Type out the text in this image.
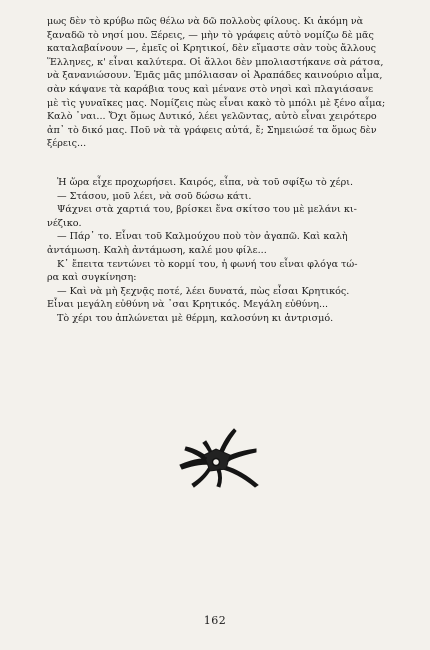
μως δὲν τὸ κρύβω πῶς θέλω νὰ δῶ πολλοὺς φίλους. Κι ἀκόμη νὰ
ξαναδῶ τὸ νησί μου. Ξέρεις, — μὴν τὸ γράφεις αὐτὸ νομίζω δὲ μᾶς
καταλαβαίνουν —, ἐμεῖς οἱ Κρητικοί, δὲν εἴμαστε σὰν τοὺς ἄλλους
Ἕλληνες, κ' εἶναι καλύτερα. Οἱ ἄλλοι δὲν μπολιαστήκανε σὰ ράτσα,
νὰ ξανανιώσουν. Ἐμᾶς μᾶς μπόλιασαν οἱ Ἀραπάδες καινούριο αἷμα,
σὰν κάψανε τὰ καράβια τους καὶ μένανε στὸ νησὶ καὶ πλαγιάσανε
μὲ τὶς γυναῖκες μας. Νομίζεις πὼς εἶναι κακὸ τὸ μπόλι μὲ ξένο αἷμα;
Καλὸ ᾽ναι... Ὄχι ὅμως Δυτικό, λέει γελῶντας, αὐτὸ εἶναι χειρότερο
ἀπ᾽ τὸ δικό μας. Ποῦ νὰ τὰ γράφεις αὐτά, ἔ; Σημειώσέ τα ὅμως δὲν
ξέρεις...
Ἡ ὥρα εἶχε προχωρήσει. Καιρός, εἶπα, νὰ τοῦ σφίξω τὸ χέρι.
— Στάσου, μοῦ λέει, νὰ σοῦ δώσω κάτι.
Ψάχνει στὰ χαρτιά του, βρίσκει ἕνα σκίτσο του μὲ μελάνι κι-
νέζικο.
— Πάρ᾽ το. Εἶναι τοῦ Καλμούχου ποὺ τὸν ἀγαπῶ. Καὶ καλὴ
ἀντάμωση. Καλὴ ἀντάμωση, καλέ μου φίλε...
Κ᾽ ἔπειτα τεντώνει τὸ κορμί του, ἡ φωνή του εἶναι φλόγα τώ-
ρα καὶ συγκίνηση:
— Καὶ νὰ μὴ ξεχνᾷς ποτέ, λέει δυνατά, πὼς εἶσαι Κρητικός.
Εἶναι μεγάλη εὐθύνη νὰ ᾽σαι Κρητικός. Μεγάλη εὐθύνη...
Τὸ χέρι του ἁπλώνεται μὲ θέρμη, καλοσύνη κι ἀντρισμό.
162
